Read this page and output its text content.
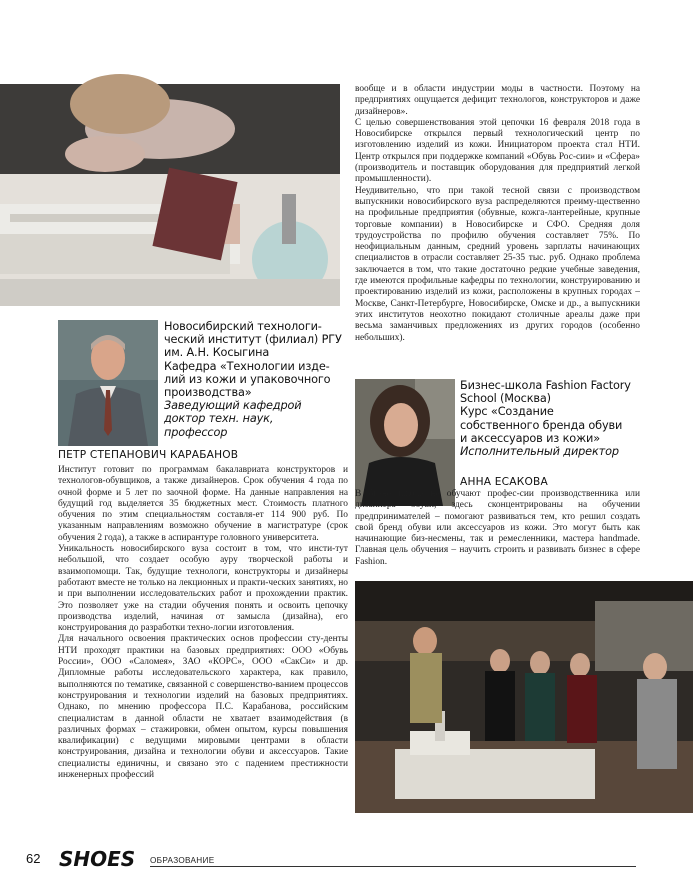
Новосибирский технологи-
ческий институт (филиал) РГУ
им. А.Н. Косыгина
Кафедра «Технологии изде-
лий из кожи и упаковочного
производства»
Заведующий кафедрой
доктор техн. наук,
профессор
ПЕТР СТЕПАНОВИЧ КАРАБАНОВ

Институт готовит по программам бакалавриата конструкторов и технологов-обувщиков, а также дизайнеров. Срок обучения 4 года по очной форме и 5 лет по заочной форме. На данные направления на будущий год выделяется 35 бюджетных мест. Стоимость платного обучения по этим специальностям составля-ет 114 900 руб. По указанным направлениям возможно обучение в магистратуре (срок обучения 2 года), а также в аспирантуре головного университета.

Уникальность новосибирского вуза состоит в том, что инсти-тут небольшой, что создает особую ауру творческой работы и взаимопомощи. Так, будущие технологи, конструкторы и дизайнеры работают вместе не только на лекционных и практи-ческих занятиях, но и при выполнении исследовательских работ и прохождении практик. Это позволяет уже на стадии обучения понять и освоить цепочку производства изделий, начиная от замысла (дизайна), его конструирования до разработки техно-логии изготовления.

Для начального освоения практических основ профессии сту-денты НТИ проходят практики на базовых предприятиях: ООО «Обувь России», ООО «Саломея», ЗАО «КОРС», ООО «СакСи» и др. Дипломные работы исследовательского характера, как правило, выполняются по тематике, связанной с совершенство-ванием процессов конструирования и технологии изделий на базовых предприятиях. Однако, по мнению профессора П.С. Карабанова, российским специалистам в данной области не хватает взаимодействия (в различных формах – стажировки, обмен опытом, курсы повышения квалификации) с ведущими мировыми центрами в области конструирования, дизайна и технологии обуви и аксессуаров. Такие специалисты единичны, и связано это с падением престижности инженерных профессий

вообще и в области индустрии моды в частности. Поэтому на предприятиях ощущается дефицит технологов, конструкторов и даже дизайнеров».

С целью совершенствования этой цепочки 16 февраля 2018 года в Новосибирске открылся первый технологический центр по изготовлению изделий из кожи. Инициатором проекта стал НТИ. Центр открылся при поддержке компаний «Обувь Рос-сии» и «Сфера» (производитель и поставщик оборудования для предприятий легкой промышленности).

Неудивительно, что при такой тесной связи с производством выпускники новосибирского вуза распределяются преиму-щественно на профильные предприятия (обувные, кожга-лантерейные, крупные торговые компании) в Новосибирске и СФО. Средняя доля трудоустройства по профилю обучения составляет 75%. По неофициальным данным, средний уровень зарплаты начинающих специалистов в отрасли составляет 25-35 тыс. руб. Однако проблема заключается в том, что такие достаточно редкие учебные заведения, где имеются профильные кафедры по технологии, конструированию и проектированию изделий из кожи, расположены в крупных городах – Москве, Санкт-Петербурге, Новосибирске, Омске и др., а выпускники этих институтов неохотно покидают столичные ареалы даже при весьма заманчивых предложениях из других городов (особенно небольших).

Бизнес-школа Fashion Factory
School (Москва)
Курс «Создание
собственного бренда обуви
и аксессуаров из кожи»
Исполнительный директор
АННА ЕСАКОВА

В бизнес-школе не обучают профес-сии производственника или дизайнера обуви, здесь сконцентрированы на обучении предпринимателей – помогают развиваться тем, кто решил создать свой бренд обуви или аксессуаров из кожи. Это могут быть как начинающие биз-несмены, так и ремесленники, мастера handmade. Главная цель обучения – научить строить и развивать бизнес в сфере Fashion.

62 SHOES ОБРАЗОВАНИЕ
